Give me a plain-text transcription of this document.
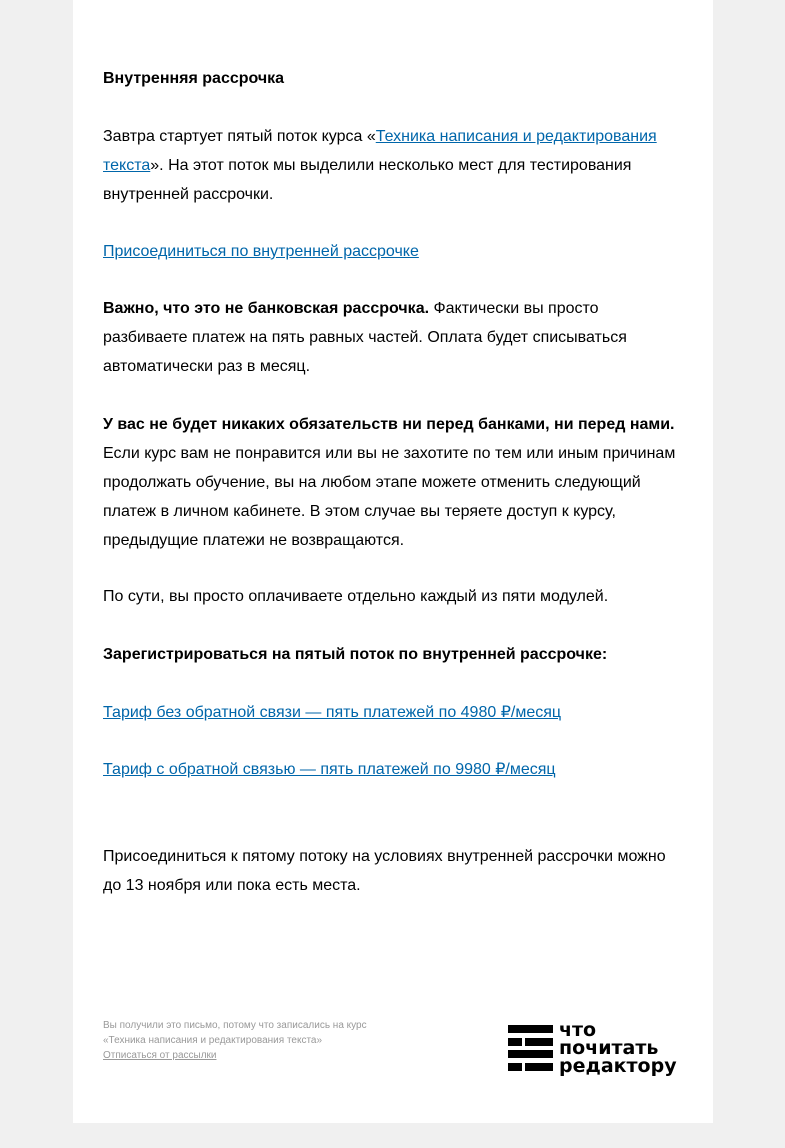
Внутренняя рассрочка

Завтра стартует пятый поток курса «Техника написания и редактирования текста». На этот поток мы выделили несколько мест для тестирования внутренней рассрочки.

Присоединиться по внутренней рассрочке

Важно, что это не банковская рассрочка. Фактически вы просто разбиваете платеж на пять равных частей. Оплата будет списываться автоматически раз в месяц.

У вас не будет никаких обязательств ни перед банками, ни перед нами. Если курс вам не понравится или вы не захотите по тем или иным причинам продолжать обучение, вы на любом этапе можете отменить следующий платеж в личном кабинете. В этом случае вы теряете доступ к курсу, предыдущие платежи не возвращаются.

По сути, вы просто оплачиваете отдельно каждый из пяти модулей.

Зарегистрироваться на пятый поток по внутренней рассрочке:

Тариф без обратной связи — пять платежей по 4980 ₽/месяц

Тариф с обратной связью — пять платежей по 9980 ₽/месяц

Присоединиться к пятому потоку на условиях внутренней рассрочки можно до 13 ноября или пока есть места.

Вы получили это письмо, потому что записались на курс «Техника написания и редактирования текста»
Отписаться от рассылки
что
почитать
редактору
